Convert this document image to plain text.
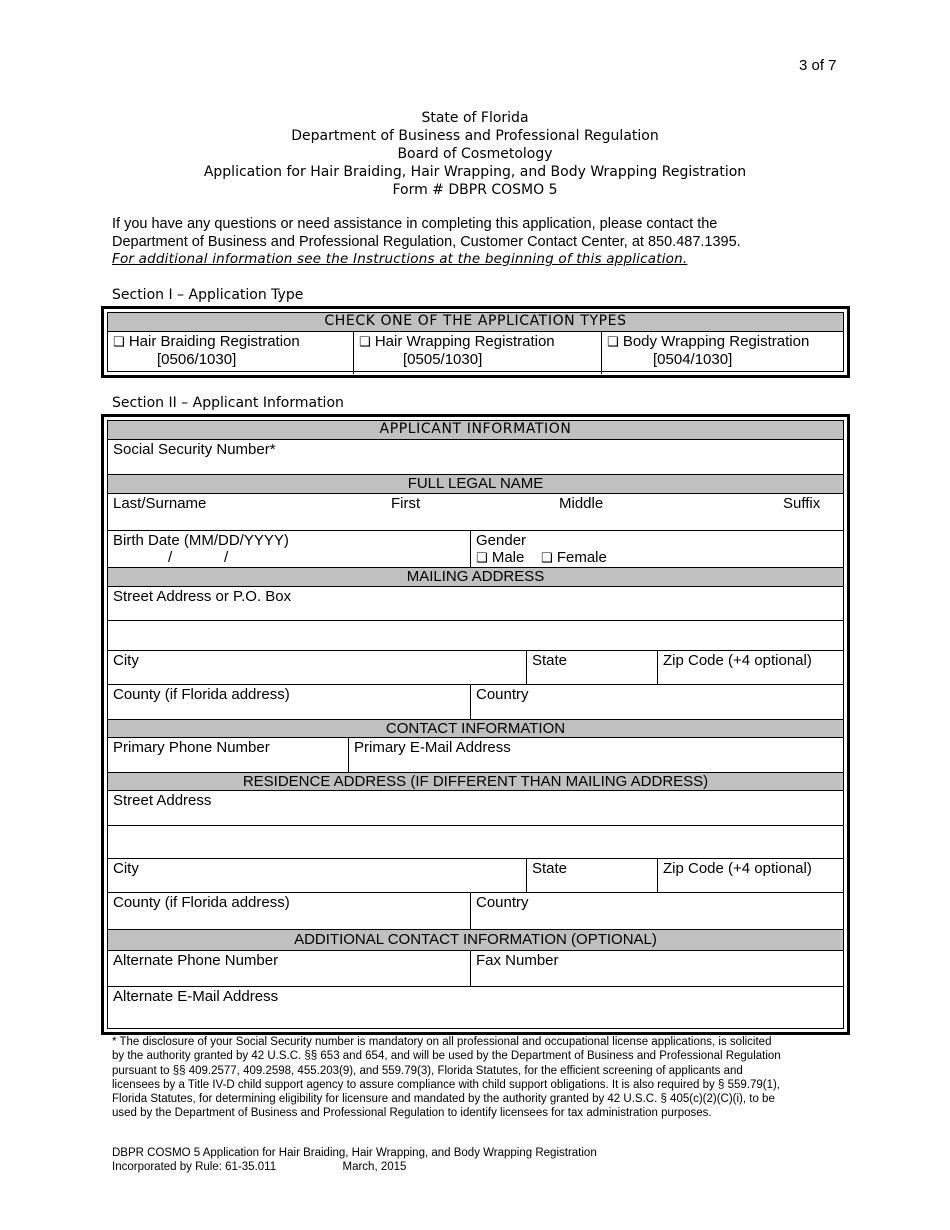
3 of 7
State of Florida
Department of Business and Professional Regulation
Board of Cosmetology
Application for Hair Braiding, Hair Wrapping, and Body Wrapping Registration
Form # DBPR COSMO 5
If you have any questions or need assistance in completing this application, please contact the
Department of Business and Professional Regulation, Customer Contact Center, at 850.487.1395.
For additional information see the Instructions at the beginning of this application.
Section I – Application Type
CHECK ONE OF THE APPLICATION TYPES
❑ Hair Braiding Registration
[0506/1030]
❑ Hair Wrapping Registration
[0505/1030]
❑ Body Wrapping Registration
[0504/1030]
Section II – Applicant Information
APPLICANT INFORMATION
Social Security Number*
FULL LEGAL NAME
Last/Surname	First	Middle	Suffix
Birth Date (MM/DD/YYYY)
/	/
Gender
❑ Male ❑ Female
MAILING ADDRESS
Street Address or P.O. Box
City	State	Zip Code (+4 optional)
County (if Florida address)	Country
CONTACT INFORMATION
Primary Phone Number	Primary E-Mail Address
RESIDENCE ADDRESS (IF DIFFERENT THAN MAILING ADDRESS)
Street Address
City	State	Zip Code (+4 optional)
County (if Florida address)	Country
ADDITIONAL CONTACT INFORMATION (OPTIONAL)
Alternate Phone Number	Fax Number
Alternate E-Mail Address
* The disclosure of your Social Security number is mandatory on all professional and occupational license applications, is solicited
by the authority granted by 42 U.S.C. §§ 653 and 654, and will be used by the Department of Business and Professional Regulation
pursuant to §§ 409.2577, 409.2598, 455.203(9), and 559.79(3), Florida Statutes, for the efficient screening of applicants and
licensees by a Title IV-D child support agency to assure compliance with child support obligations. It is also required by § 559.79(1),
Florida Statutes, for determining eligibility for licensure and mandated by the authority granted by 42 U.S.C. § 405(c)(2)(C)(i), to be
used by the Department of Business and Professional Regulation to identify licensees for tax administration purposes.
DBPR COSMO 5 Application for Hair Braiding, Hair Wrapping, and Body Wrapping Registration
Incorporated by Rule: 61-35.011	March, 2015
